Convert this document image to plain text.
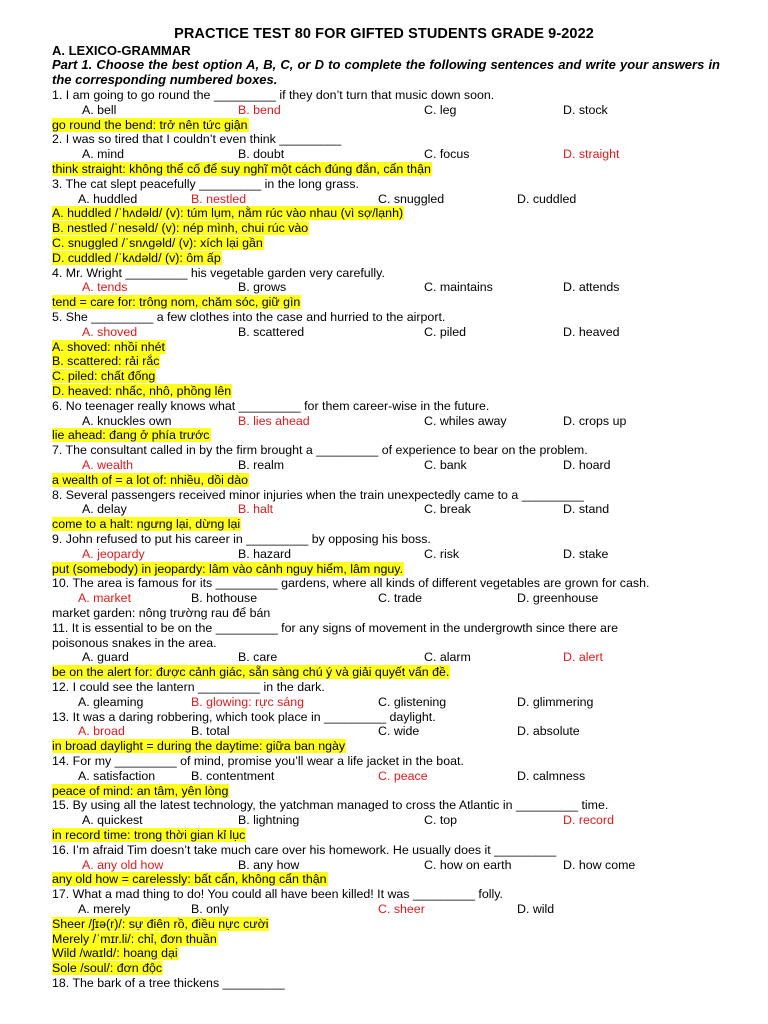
PRACTICE TEST 80 FOR GIFTED STUDENTS GRADE 9-2022
A. LEXICO-GRAMMAR
Part 1. Choose the best option A, B, C, or D to complete the following sentences and write your answers in the corresponding numbered boxes.
1. I am going to go round the _________ if they don’t turn that music down soon.
A. bell	B. bend	C. leg	D. stock
go round the bend: trở nên tức giận
2. I was so tired that I couldn’t even think _________
A. mind	B. doubt	C. focus	D. straight
think straight: không thể cố để suy nghĩ một cách đúng đắn, cẩn thận
3. The cat slept peacefully _________ in the long grass.
A. huddled	B. nestled	C. snuggled	D. cuddled
A. huddled /ˈhʌdəld/ (v): túm lụm, nằm rúc vào nhau (vì sợ/lạnh)
B. nestled /ˈnesəld/ (v): nép mình, chui rúc vào
C. snuggled /ˈsnʌɡəld/ (v): xích lại gần
D. cuddled /ˈkʌdəld/ (v): ôm ấp
4. Mr. Wright _________ his vegetable garden very carefully.
A. tends	B. grows	C. maintains	D. attends
tend = care for: trông nom, chăm sóc, giữ gìn
5. She _________ a few clothes into the case and hurried to the airport.
A. shoved	B. scattered	C. piled	D. heaved
A. shoved: nhồi nhét
B. scattered: rải rắc
C. piled: chất đống
D. heaved: nhấc, nhô, phồng lên
6. No teenager really knows what _________ for them career-wise in the future.
A. knuckles own	B. lies ahead	C. whiles away	D. crops up
lie ahead: đang ở phía trước
7. The consultant called in by the firm brought a _________ of experience to bear on the problem.
A. wealth	B. realm	C. bank	D. hoard
a wealth of = a lot of: nhiều, dồi dào
8. Several passengers received minor injuries when the train unexpectedly came to a _________
A. delay	B. halt	C. break	D. stand
come to a halt: ngưng lại, dừng lại
9. John refused to put his career in _________ by opposing his boss.
A. jeopardy	B. hazard	C. risk	D. stake
put (somebody) in jeopardy: lâm vào cảnh nguy hiểm, lâm nguy.
10. The area is famous for its _________ gardens, where all kinds of different vegetables are grown for cash.
A. market	B. hothouse	C. trade	D. greenhouse
market garden: nông trường rau để bán
11. It is essential to be on the _________ for any signs of movement in the undergrowth since there are
poisonous snakes in the area.
A. guard	B. care	C. alarm	D. alert
be on the alert for: được cảnh giác, sẵn sàng chú ý và giải quyết vấn đề.
12. I could see the lantern _________ in the dark.
A. gleaming	B. glowing: rực sáng	C. glistening	D. glimmering
13. It was a daring robbering, which took place in _________ daylight.
A. broad	B. total	C. wide	D. absolute
in broad daylight = during the daytime: giữa ban ngày
14. For my _________ of mind, promise you’ll wear a life jacket in the boat.
A. satisfaction	B. contentment	C. peace	D. calmness
peace of mind: an tâm, yên lòng
15. By using all the latest technology, the yatchman managed to cross the Atlantic in _________ time.
A. quickest	B. lightning	C. top	D. record
in record time: trong thời gian kỉ lục
16. I’m afraid Tim doesn’t take much care over his homework. He usually does it _________
A. any old how	B. any how	C. how on earth	D. how come
any old how = carelessly: bất cẩn, không cẩn thận
17. What a mad thing to do! You could all have been killed! It was _________ folly.
A. merely	B. only	C. sheer	D. wild
Sheer /ʃɪə(r)/: sự điên rồ, điều nực cười
Merely /ˈmɪr.li/: chỉ, đơn thuần
Wild /waɪld/: hoang dại
Sole /soul/: đơn độc
18. The bark of a tree thickens _________
